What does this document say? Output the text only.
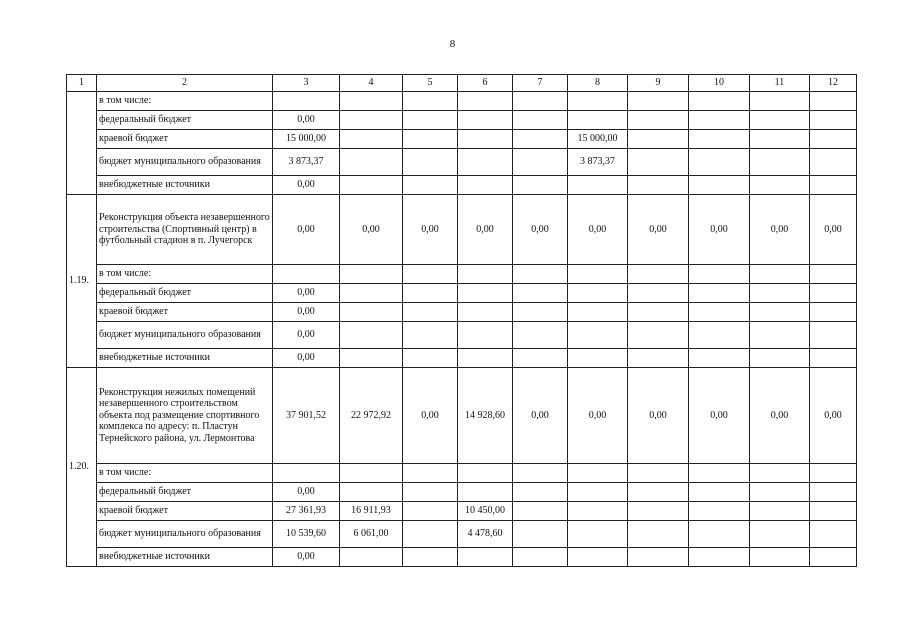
8
1	2	3	4	5	6	7	8	9	10	11	12
	в том числе:										
	федеральный бюджет	0,00									
	краевой бюджет	15 000,00					15 000,00				
	бюджет муниципального образования	3 873,37					3 873,37				
	внебюджетные источники	0,00									
1.19.	Реконструкция объекта незавершенного строительства (Спортивный центр) в футбольный стадион в п. Лучегорск	0,00	0,00	0,00	0,00	0,00	0,00	0,00	0,00	0,00	0,00
	в том числе:										
	федеральный бюджет	0,00									
	краевой бюджет	0,00									
	бюджет муниципального образования	0,00									
	внебюджетные источники	0,00									
1.20.	Реконструкция нежилых помещений незавершенного строительством объекта под размещение спортивного комплекса по адресу: п. Пластун Тернейского района, ул. Лермонтова	37 901,52	22 972,92	0,00	14 928,60	0,00	0,00	0,00	0,00	0,00	0,00
	в том числе:										
	федеральный бюджет	0,00									
	краевой бюджет	27 361,93	16 911,93		10 450,00						
	бюджет муниципального образования	10 539,60	6 061,00		4 478,60						
	внебюджетные источники	0,00									
